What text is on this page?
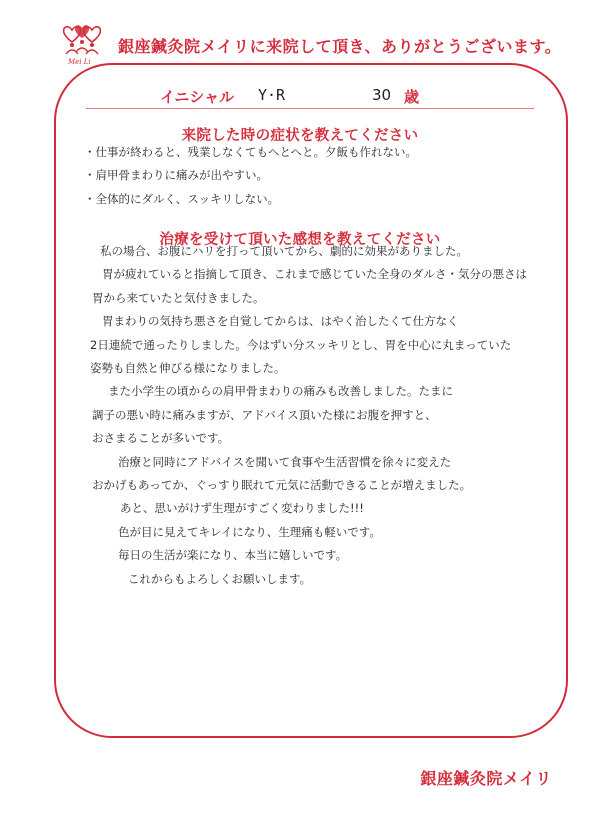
Mei Li
銀座鍼灸院メイリに来院して頂き、ありがとうございます。
イニシャル Y·R	30 歳
来院した時の症状を教えてください

・仕事が終わると、残業しなくてもへとへと。夕飯も作れない。

・肩甲骨まわりに痛みが出やすい。

・全体的にダルく、スッキリしない。

治療を受けて頂いた感想を教えてください

私の場合、お腹にハリを打って頂いてから、劇的に効果がありました。

胃が疲れていると指摘して頂き、これまで感じていた全身のダルさ・気分の悪さは

胃から来ていたと気付きました。

胃まわりの気持ち悪さを自覚してからは、はやく治したくて仕方なく

2日連続で通ったりしました。今はずい分スッキリとし、胃を中心に丸まっていた

姿勢も自然と伸びる様になりました。

また小学生の頃からの肩甲骨まわりの痛みも改善しました。たまに

調子の悪い時に痛みますが、アドバイス頂いた様にお腹を押すと、

おさまることが多いです。

治療と同時にアドバイスを聞いて食事や生活習慣を徐々に変えた

おかげもあってか、ぐっすり眠れて元気に活動できることが増えました。

あと、思いがけず生理がすごく変わりました!!!

色が目に見えてキレイになり、生理痛も軽いです。

毎日の生活が楽になり、本当に嬉しいです。

これからもよろしくお願いします。

銀座鍼灸院メイリ
